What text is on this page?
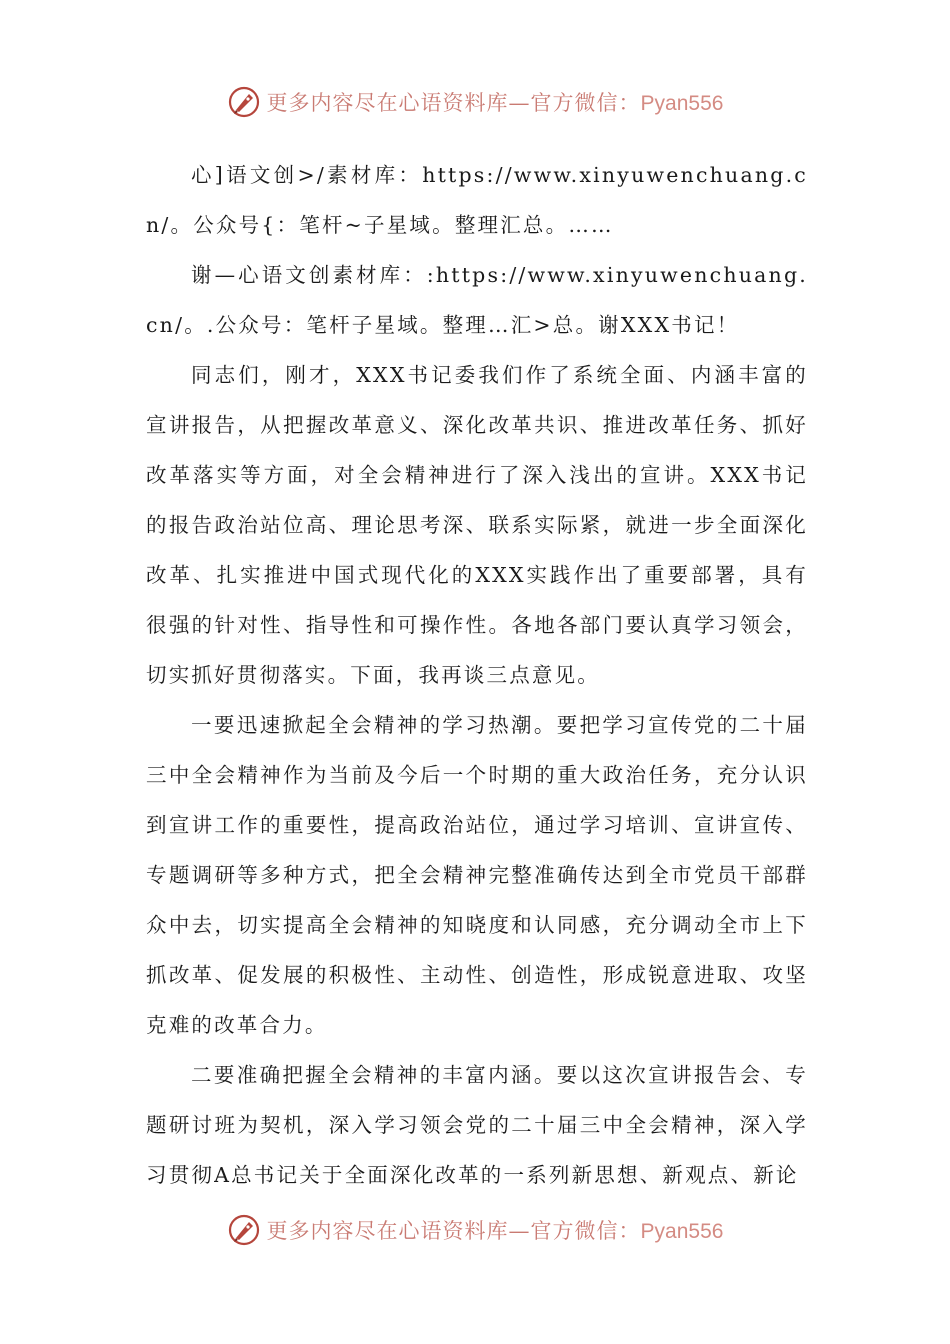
更多内容尽在心语资料库—官方微信：Pyan556

心]语文创>/素材库：https://www.xinyuwenchuang.cn/。公众号{：笔杆~子星域。整理汇总。……

谢—心语文创素材库：:https://www.xinyuwenchuang.cn/。.公众号：笔杆子星域。整理…汇>总。谢XXX书记！

同志们，刚才，XXX书记委我们作了系统全面、内涵丰富的宣讲报告，从把握改革意义、深化改革共识、推进改革任务、抓好改革落实等方面，对全会精神进行了深入浅出的宣讲。XXX书记的报告政治站位高、理论思考深、联系实际紧，就进一步全面深化改革、扎实推进中国式现代化的XXX实践作出了重要部署，具有很强的针对性、指导性和可操作性。各地各部门要认真学习领会，切实抓好贯彻落实。下面，我再谈三点意见。

一要迅速掀起全会精神的学习热潮。要把学习宣传党的二十届三中全会精神作为当前及今后一个时期的重大政治任务，充分认识到宣讲工作的重要性，提高政治站位，通过学习培训、宣讲宣传、专题调研等多种方式，把全会精神完整准确传达到全市党员干部群众中去，切实提高全会精神的知晓度和认同感，充分调动全市上下抓改革、促发展的积极性、主动性、创造性，形成锐意进取、攻坚克难的改革合力。

二要准确把握全会精神的丰富内涵。要以这次宣讲报告会、专题研讨班为契机，深入学习领会党的二十届三中全会精神，深入学习贯彻A总书记关于全面深化改革的一系列新思想、新观点、新论

更多内容尽在心语资料库—官方微信：Pyan556
